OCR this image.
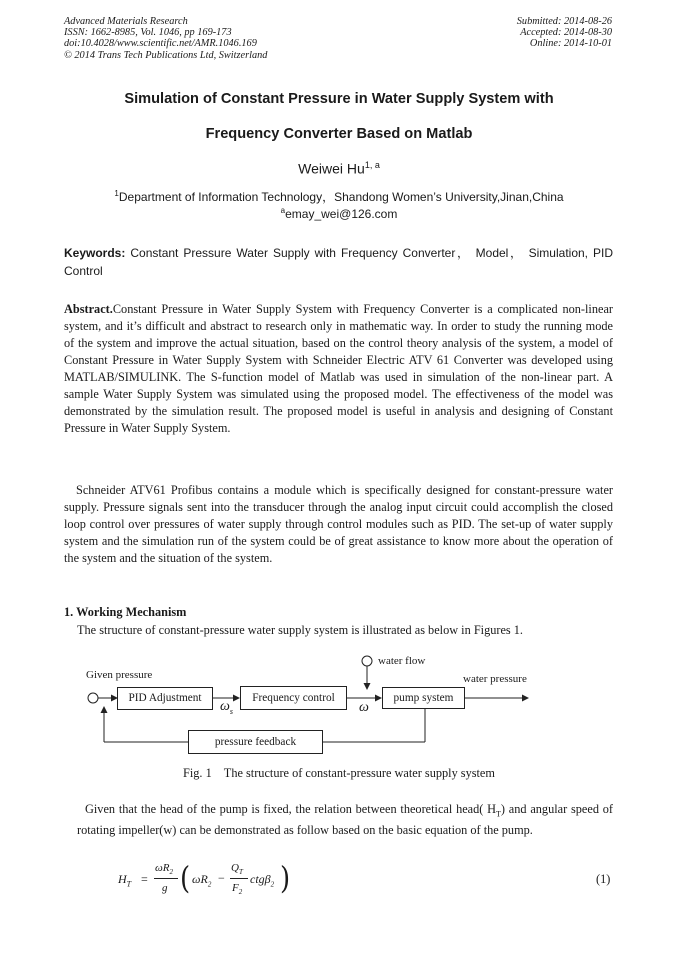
Advanced Materials Research
ISSN: 1662-8985, Vol. 1046, pp 169-173
doi:10.4028/www.scientific.net/AMR.1046.169
© 2014 Trans Tech Publications Ltd, Switzerland
Submitted: 2014-08-26
Accepted: 2014-08-30
Online: 2014-10-01
Simulation of Constant Pressure in Water Supply System with
Frequency Converter Based on Matlab
Weiwei Hu$^{1, a}$
$^1$Department of Information Technology，Shandong Women’s University,Jinan,China
$^a$emay_wei@126.com
Keywords: Constant Pressure Water Supply with Frequency Converter， Model， Simulation, PID Control
Abstract.Constant Pressure in Water Supply System with Frequency Converter is a complicated non-linear system, and it’s difficult and abstract to research only in mathematic way. In order to study the running mode of the system and improve the actual situation, based on the control theory analysis of the system, a model of Constant Pressure in Water Supply System with Schneider Electric ATV 61 Converter was developed using MATLAB/SIMULINK. The S-function model of Matlab was used in simulation of the non-linear part. A sample Water Supply System was simulated using the proposed model. The effectiveness of the model was demonstrated by the simulation result. The proposed model is useful in analysis and designing of Constant Pressure in Water Supply System.
Schneider ATV61 Profibus contains a module which is specifically designed for constant-pressure water supply. Pressure signals sent into the transducer through the analog input circuit could accomplish the closed loop control over pressures of water supply through control modules such as PID. The set-up of water supply system and the simulation run of the system could be of great assistance to know more about the operation of the system and the situation of the system.
1. Working Mechanism
The structure of constant-pressure water supply system is illustrated as below in Figures 1.
Given pressure
PID Adjustment	Frequency control	pump system
water flow
water pressure
pressure feedback
$\omega_s$	ω
Fig. 1    The structure of constant-pressure water supply system
Given that the head of the pump is fixed, the relation between theoretical head( $H_T$) and angular speed of rotating impeller(w) can be demonstrated as follow based on the basic equation of the pump.
$H_T$ =
$\omega R_2$
g ( $\omega R_2$ −
$Q_T$
$F_2$
ctgβ$_2$ )	(1)
